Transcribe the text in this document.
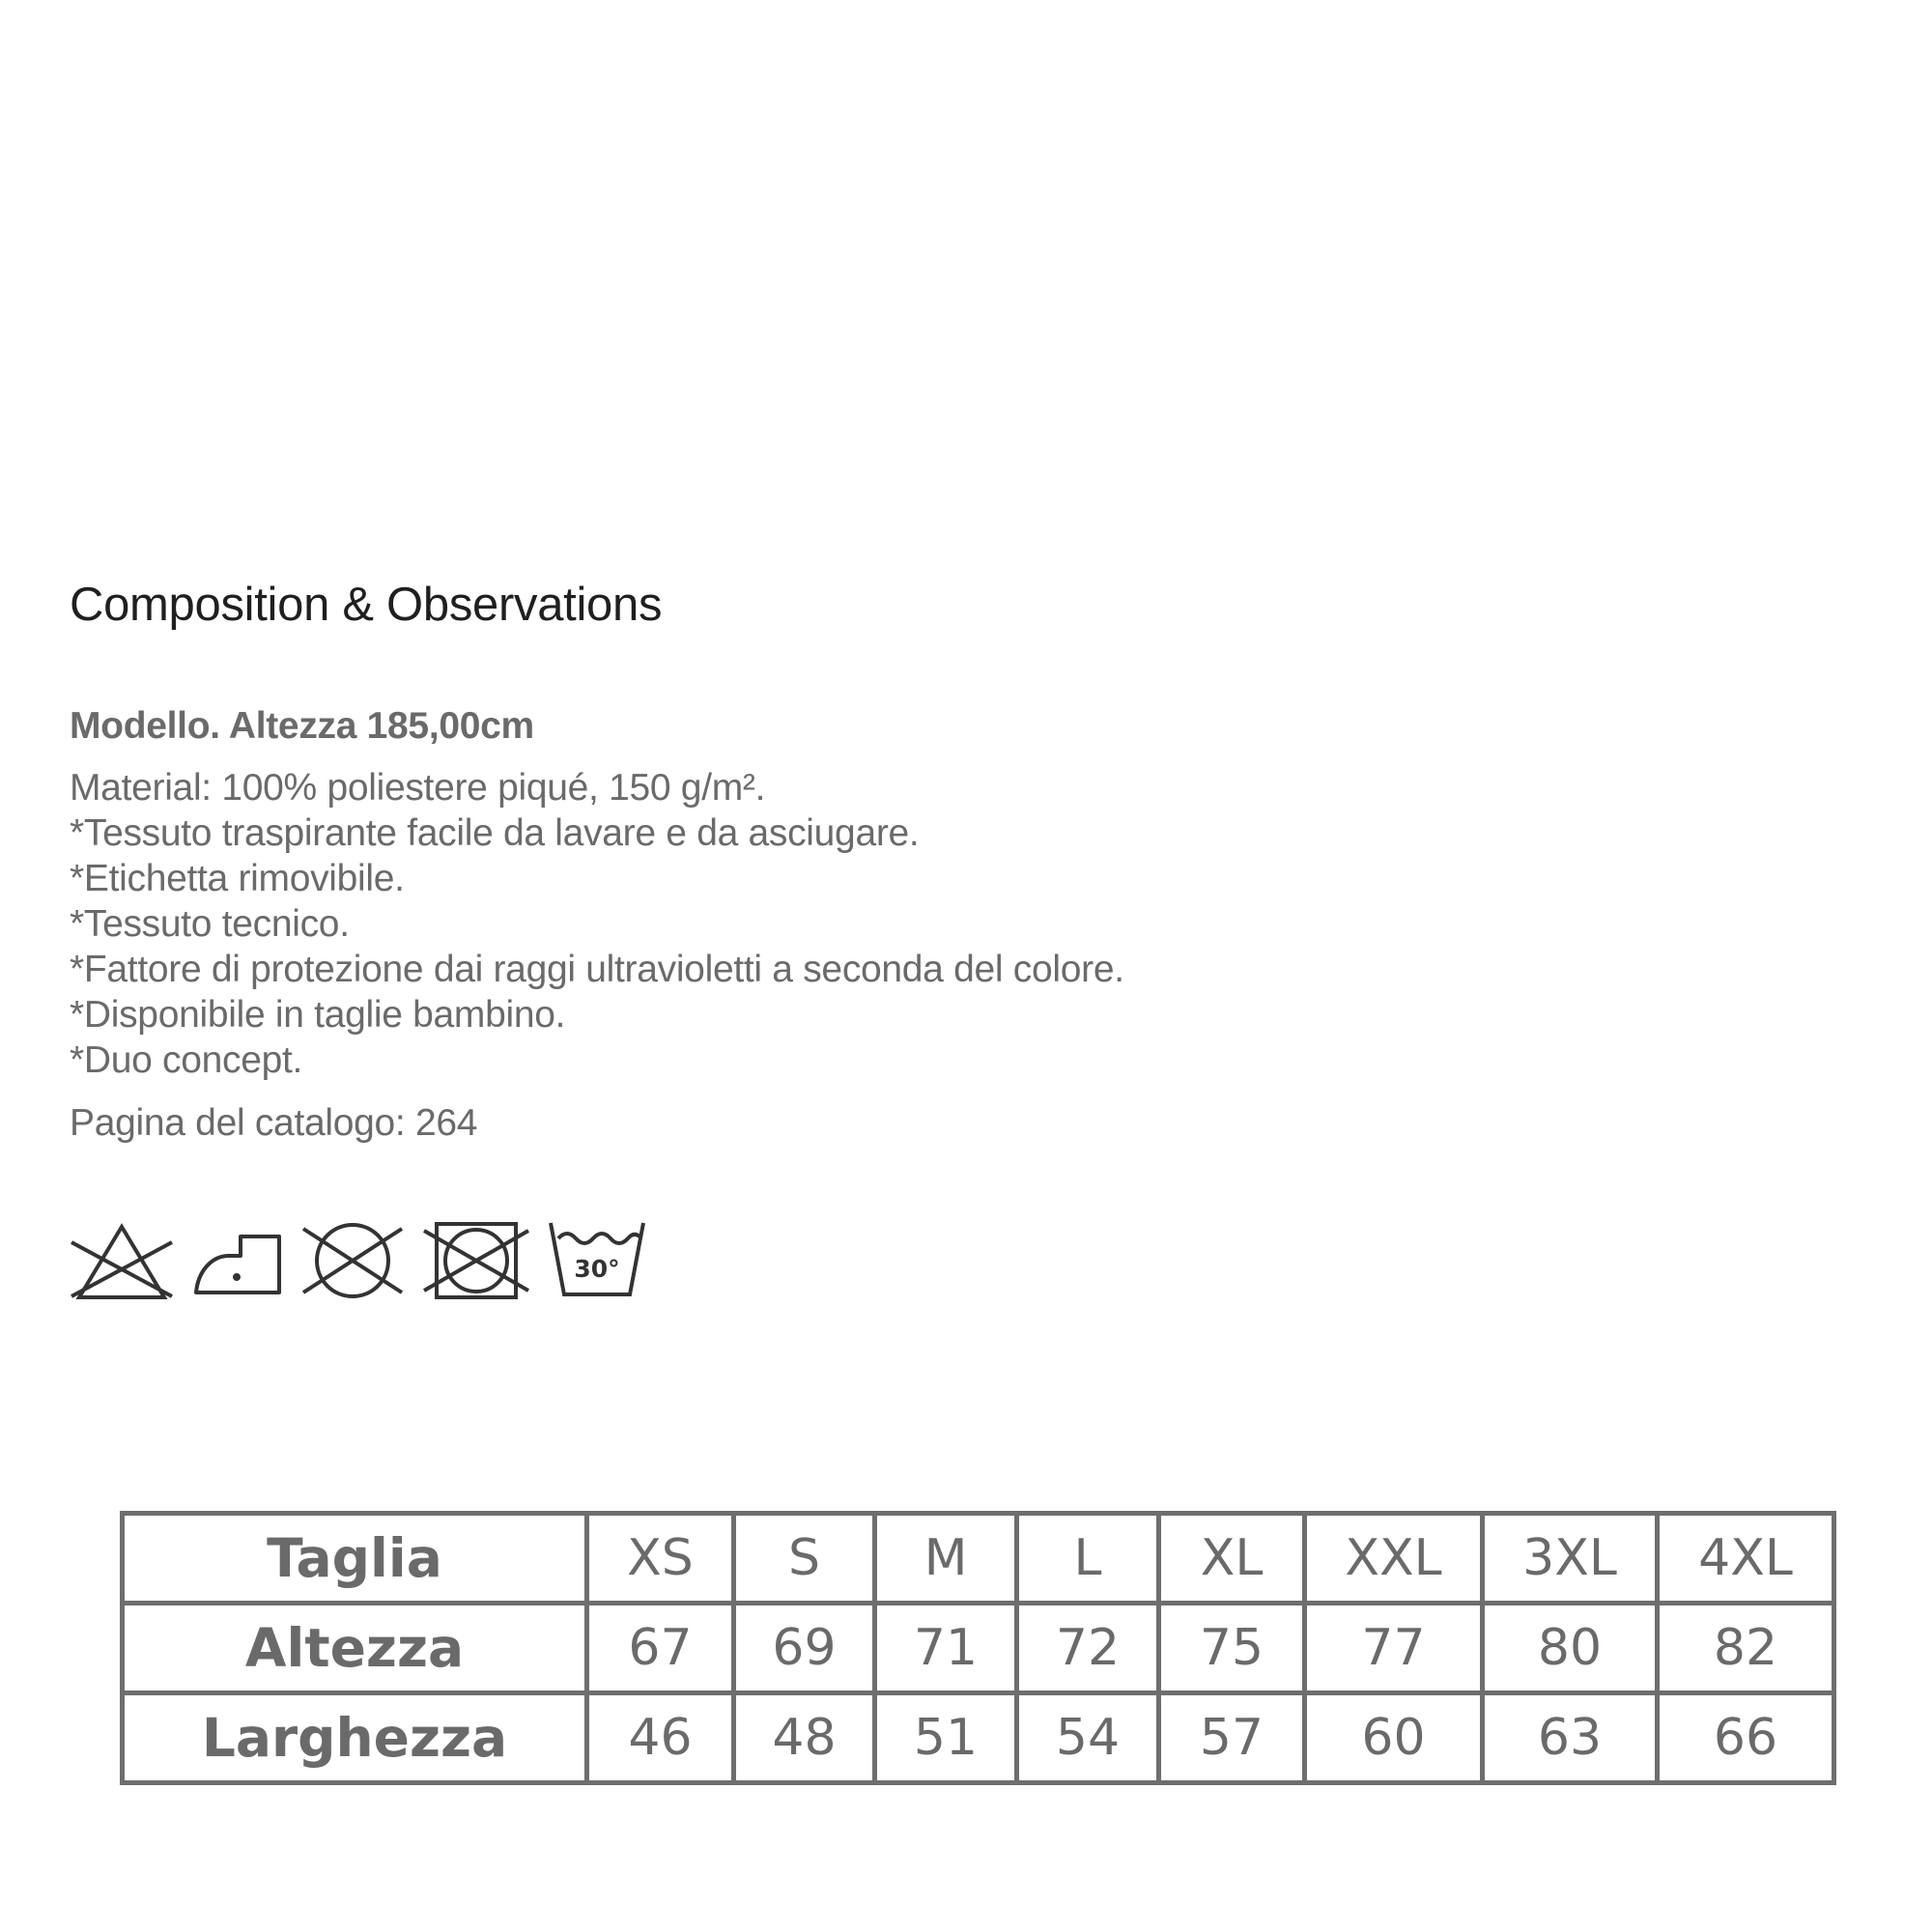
Composition & Observations

Modello. Altezza 185,00cm

Material: 100% poliestere piqué, 150 g/m².
*Tessuto traspirante facile da lavare e da asciugare.
*Etichetta rimovibile.
*Tessuto tecnico.
*Fattore di protezione dai raggi ultravioletti a seconda del colore.
*Disponibile in taglie bambino.
*Duo concept.

Pagina del catalogo: 264

30°
Taglia	XS	S	M	L	XL	XXL	3XL	4XL
Altezza	67	69	71	72	75	77	80	82
Larghezza	46	48	51	54	57	60	63	66
